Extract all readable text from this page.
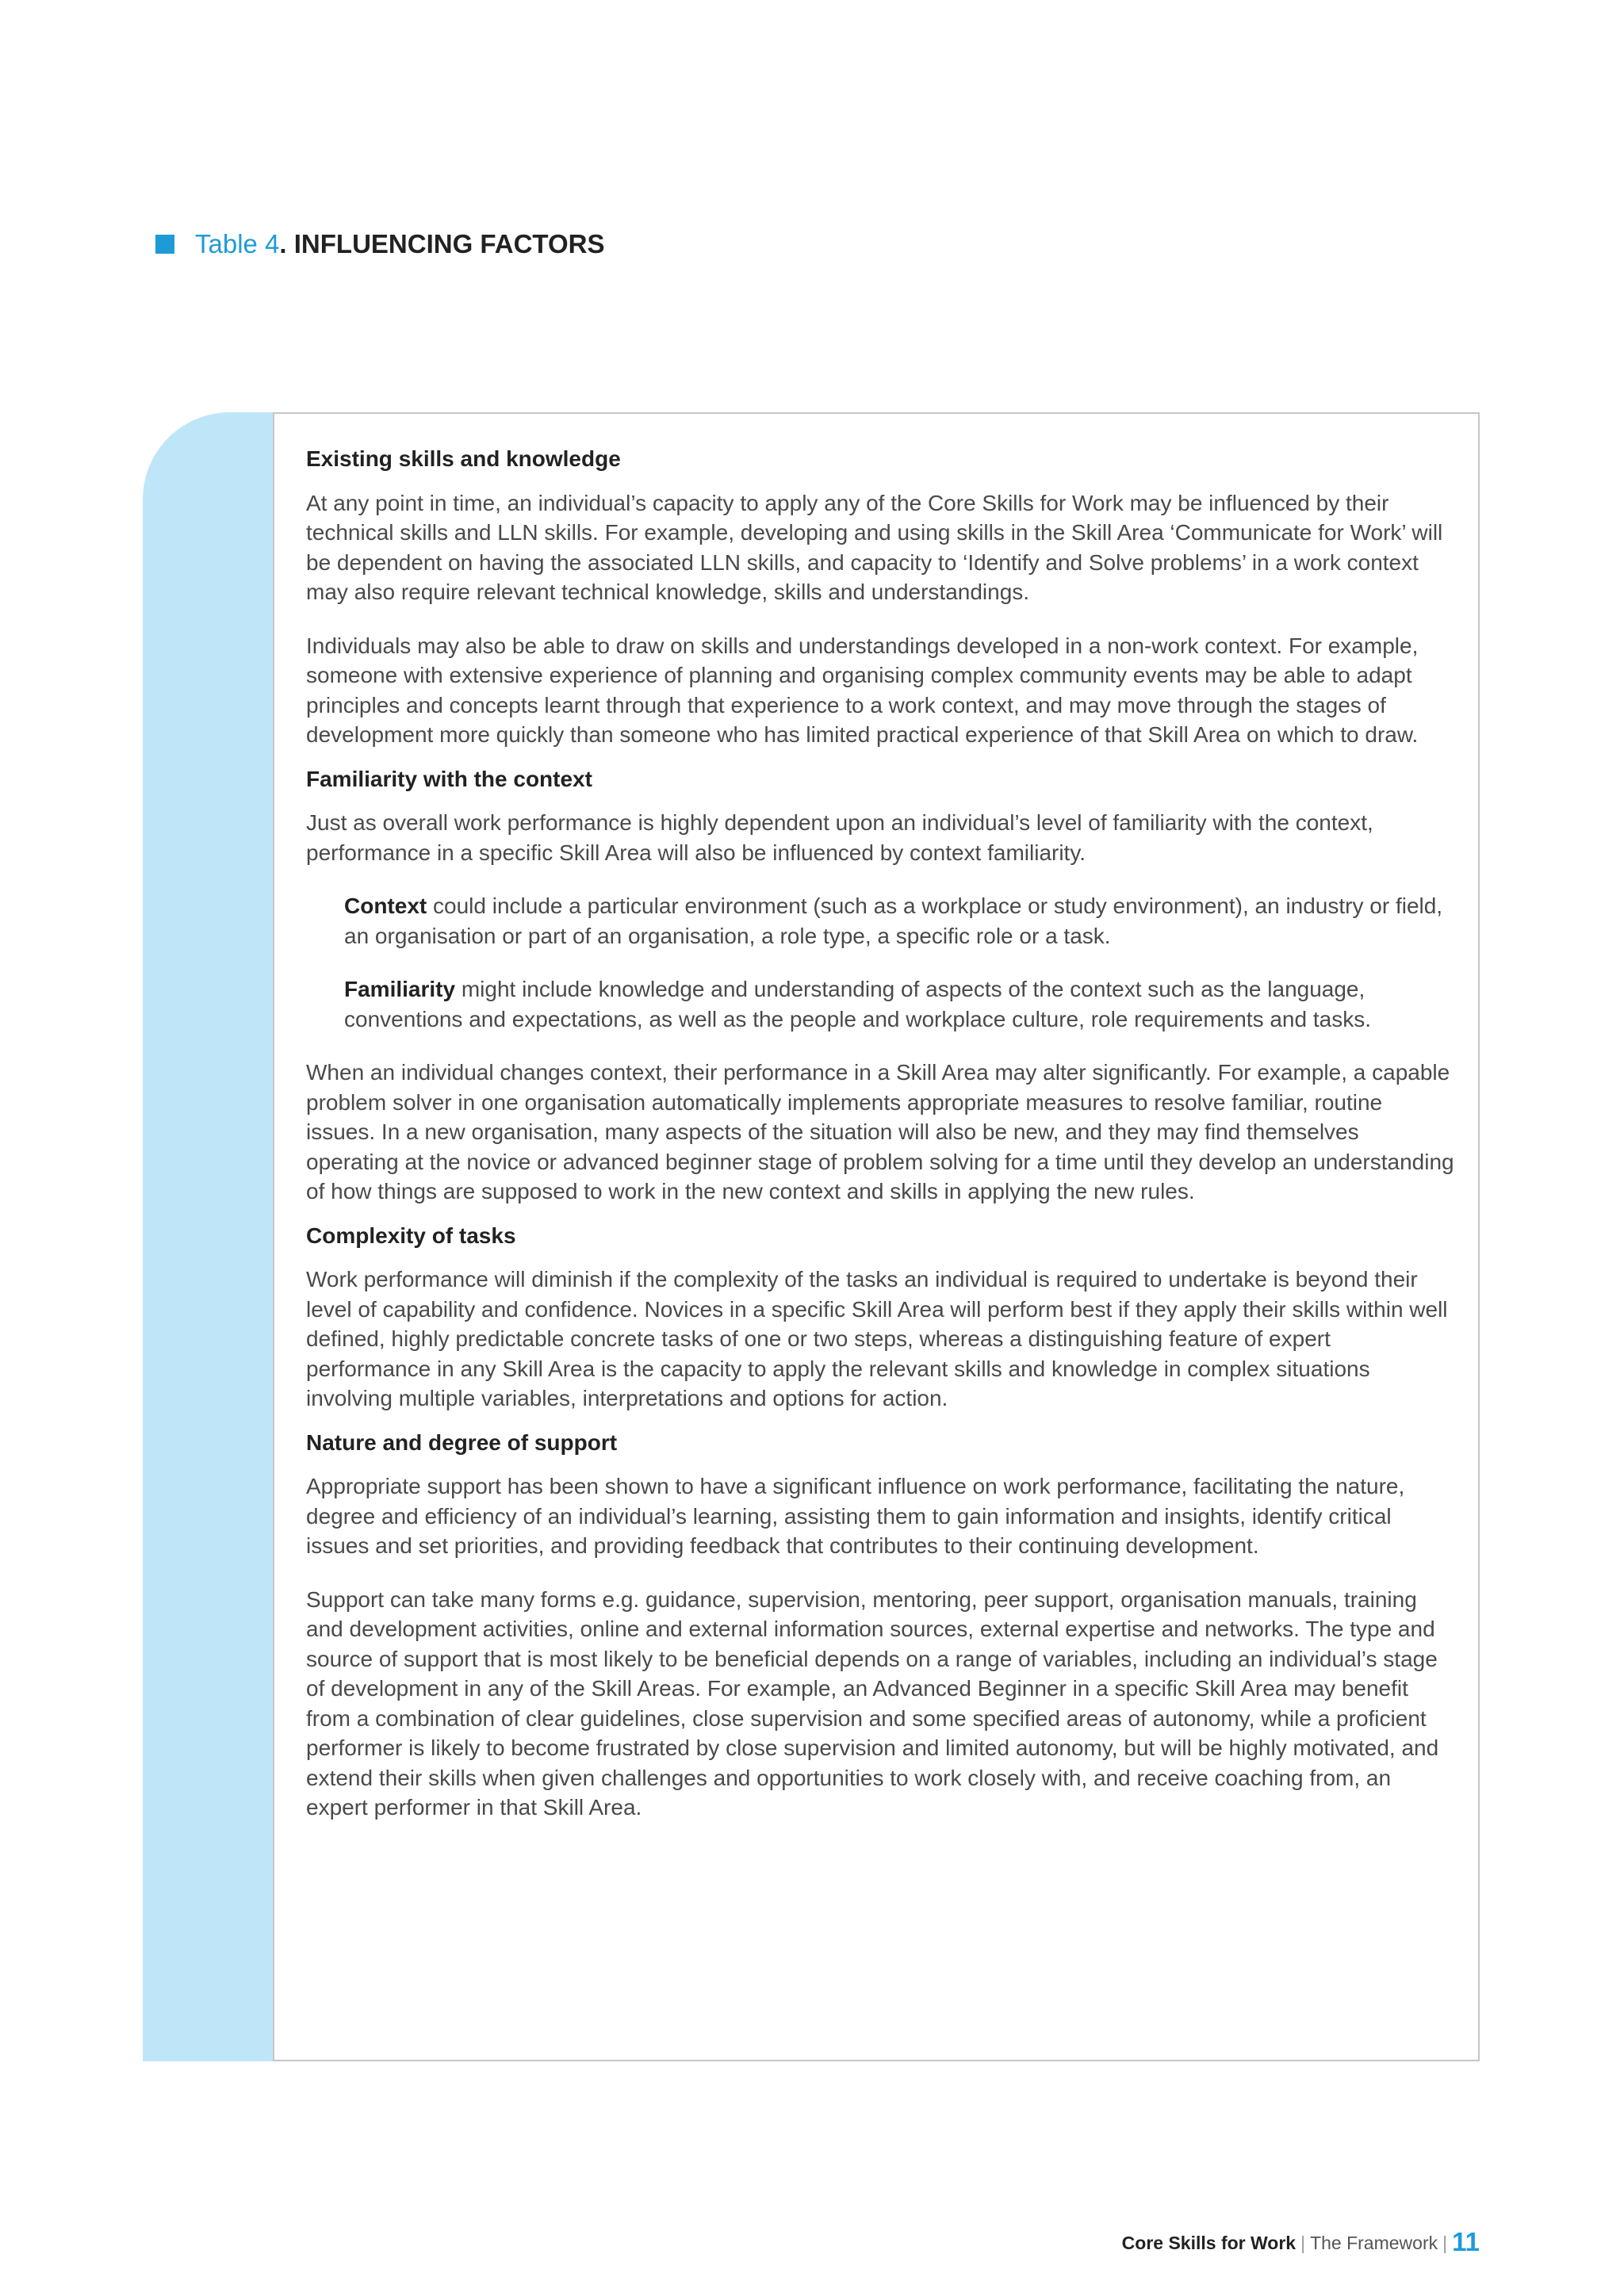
Table 4 . INFLUENCING FACTORS
Existing skills and knowledge

At any point in time, an individual’s capacity to apply any of the Core Skills for Work may be influenced by their technical skills and LLN skills. For example, developing and using skills in the Skill Area ‘Communicate for Work’ will be dependent on having the associated LLN skills, and capacity to ‘Identify and Solve problems’ in a work context may also require relevant technical knowledge, skills and understandings.

Individuals may also be able to draw on skills and understandings developed in a non-work context. For example, someone with extensive experience of planning and organising complex community events may be able to adapt principles and concepts learnt through that experience to a work context, and may move through the stages of development more quickly than someone who has limited practical experience of that Skill Area on which to draw.

Familiarity with the context

Just as overall work performance is highly dependent upon an individual’s level of familiarity with the context, performance in a specific Skill Area will also be influenced by context familiarity.

Context could include a particular environment (such as a workplace or study environment), an industry or field, an organisation or part of an organisation, a role type, a specific role or a task.

Familiarity might include knowledge and understanding of aspects of the context such as the language, conventions and expectations, as well as the people and workplace culture, role requirements and tasks.

When an individual changes context, their performance in a Skill Area may alter significantly. For example, a capable problem solver in one organisation automatically implements appropriate measures to resolve familiar, routine issues. In a new organisation, many aspects of the situation will also be new, and they may find themselves operating at the novice or advanced beginner stage of problem solving for a time until they develop an understanding of how things are supposed to work in the new context and skills in applying the new rules.

Complexity of tasks

Work performance will diminish if the complexity of the tasks an individual is required to undertake is beyond their level of capability and confidence. Novices in a specific Skill Area will perform best if they apply their skills within well defined, highly predictable concrete tasks of one or two steps, whereas a distinguishing feature of expert performance in any Skill Area is the capacity to apply the relevant skills and knowledge in complex situations involving multiple variables, interpretations and options for action.

Nature and degree of support

Appropriate support has been shown to have a significant influence on work performance, facilitating the nature, degree and efficiency of an individual’s learning, assisting them to gain information and insights, identify critical issues and set priorities, and providing feedback that contributes to their continuing development.

Support can take many forms e.g. guidance, supervision, mentoring, peer support, organisation manuals, training and development activities, online and external information sources, external expertise and networks. The type and source of support that is most likely to be beneficial depends on a range of variables, including an individual’s stage of development in any of the Skill Areas. For example, an Advanced Beginner in a specific Skill Area may benefit from a combination of clear guidelines, close supervision and some specified areas of autonomy, while a proficient performer is likely to become frustrated by close supervision and limited autonomy, but will be highly motivated, and extend their skills when given challenges and opportunities to work closely with, and receive coaching from, an expert performer in that Skill Area.

Core Skills for Work | The Framework | 11
